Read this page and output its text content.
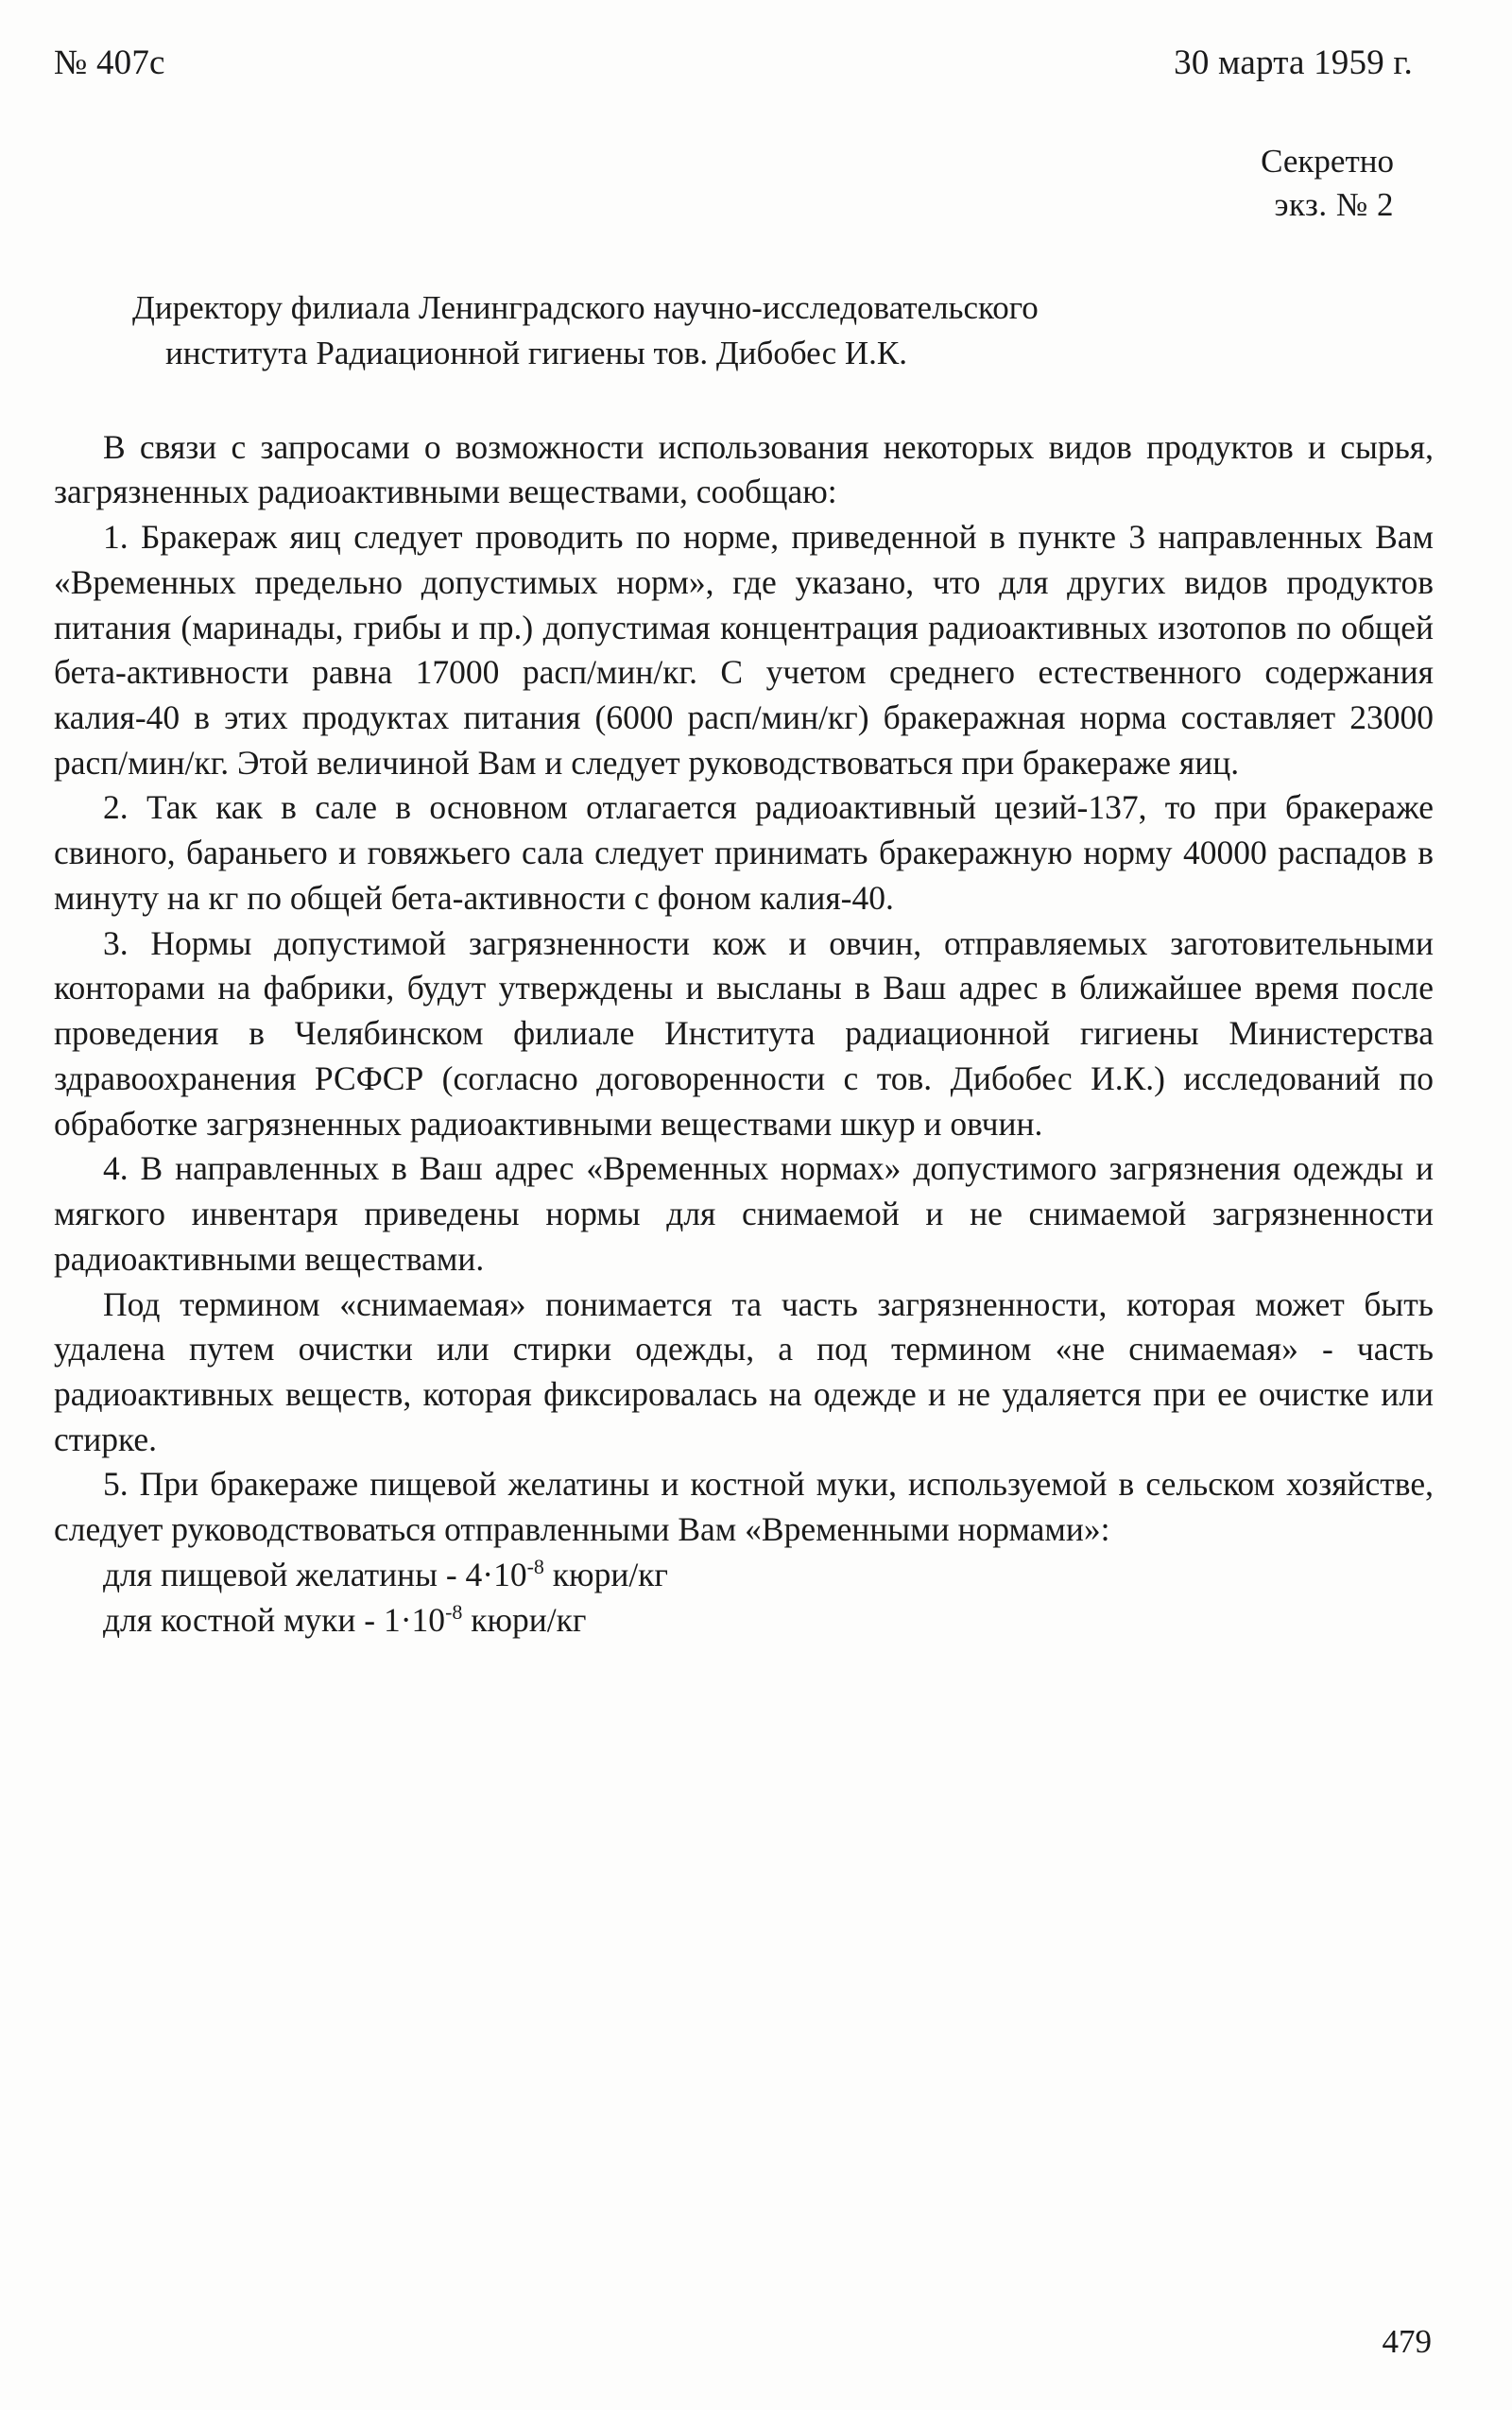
№ 407с	30 марта 1959 г.
Секретно
экз. № 2
Директору филиала Ленинградского научно-исследовательского
института Радиационной гигиены тов. Дибобес И.К.

В связи с запросами о возможности использования некоторых видов продуктов и сырья, загрязненных радиоактивными веществами, сообщаю:

1. Бракераж яиц следует проводить по норме, приведенной в пункте 3 направленных Вам «Временных предельно допустимых норм», где указано, что для других видов продуктов питания (маринады, грибы и пр.) допустимая концентрация радиоактивных изотопов по общей бета-активности равна 17000 расп/мин/кг. С учетом среднего естественного содержания калия-40 в этих продуктах питания (6000 расп/мин/кг) бракеражная норма составляет 23000 расп/мин/кг. Этой величиной Вам и следует руководствоваться при бракераже яиц.

2. Так как в сале в основном отлагается радиоактивный цезий-137, то при бракераже свиного, бараньего и говяжьего сала следует принимать бракеражную норму 40000 распадов в минуту на кг по общей бета-активности с фоном калия-40.

3. Нормы допустимой загрязненности кож и овчин, отправляемых заготовительными конторами на фабрики, будут утверждены и высланы в Ваш адрес в ближайшее время после проведения в Челябинском филиале Института радиационной гигиены Министерства здравоохранения РСФСР (согласно договоренности с тов. Дибобес И.К.) исследований по обработке загрязненных радиоактивными веществами шкур и овчин.

4. В направленных в Ваш адрес «Временных нормах» допустимого загрязнения одежды и мягкого инвентаря приведены нормы для снимаемой и не снимаемой загрязненности радиоактивными веществами.

Под термином «снимаемая» понимается та часть загрязненности, которая может быть удалена путем очистки или стирки одежды, а под термином «не снимаемая» - часть радиоактивных веществ, которая фиксировалась на одежде и не удаляется при ее очистке или стирке.

5. При бракераже пищевой желатины и костной муки, используемой в сельском хозяйстве, следует руководствоваться отправленными Вам «Временными нормами»:

для пищевой желатины - $4\cdot 10^{-8}$ кюри/кг

для костной муки - $1\cdot 10^{-8}$ кюри/кг

479
